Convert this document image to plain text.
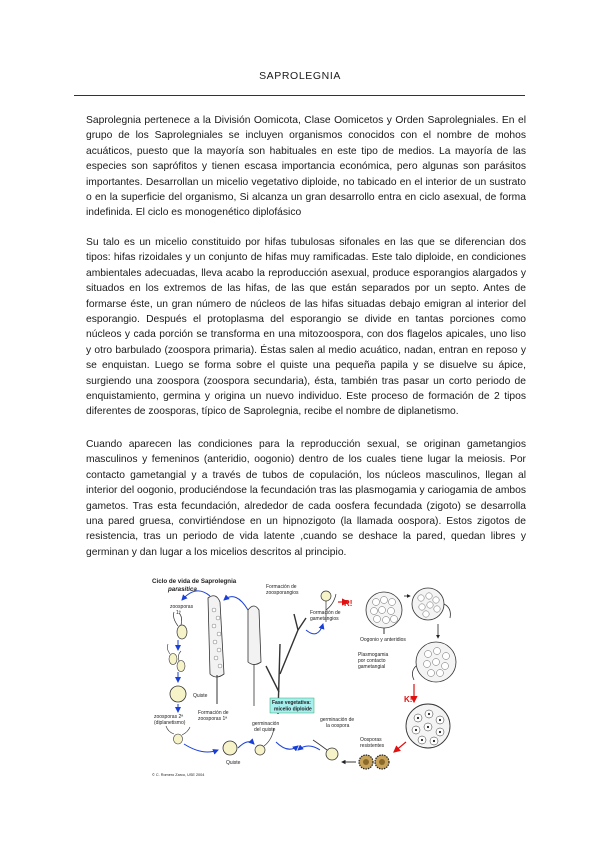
SAPROLEGNIA

Saprolegnia pertenece a la División Oomicota, Clase Oomicetos y Orden Saprolegniales. En el grupo de los Saprolegniales se incluyen organismos conocidos con el nombre de mohos acuáticos, puesto que la mayoría son habituales en este tipo de medios. La mayoría de las especies son saprófitos y tienen escasa importancia económica, pero algunas son parásitos importantes. Desarrollan un micelio vegetativo diploide, no tabicado en el interior de un sustrato o en la superficie del organismo, Si alcanza un gran desarrollo entra en ciclo asexual, de forma indefinida. El ciclo es monogenético diplofásico

Su talo es un micelio constituido por hifas tubulosas sifonales en las que se diferencian dos tipos: hifas rizoidales y un conjunto de hifas muy ramificadas. Este talo diploide, en condiciones ambientales adecuadas, lleva acabo la reproducción asexual, produce esporangios alargados y situados en los extremos de las hifas, de las que están separados por un septo. Antes de formarse éste, un gran número de núcleos de las hifas situadas debajo emigran al interior del esporangio. Después el protoplasma del esporangio se divide en tantas porciones como núcleos y cada porción se transforma en una mitozoospora, con dos flagelos apicales, uno liso y otro barbulado (zoospora primaria). Éstas salen al medio acuático, nadan, entran en reposo y se enquistan. Luego se forma sobre el quiste una pequeña papila y se disuelve su ápice, surgiendo una zoospora (zoospora secundaria), ésta, también tras pasar un corto periodo de enquistamiento, germina y origina un nuevo individuo. Este proceso de formación de 2 tipos diferentes de zoosporas, típico de Saprolegnia, recibe el nombre de diplanetismo.

Cuando aparecen las condiciones para la reproducción sexual, se originan gametangios masculinos y femeninos (anteridio, oogonio) dentro de los cuales tiene lugar la meiosis. Por contacto gametangial y a través de tubos de copulación, los núcleos masculinos, llegan al interior del oogonio, produciéndose la fecundación tras las plasmogamia y cariogamia de ambos gametos. Tras esta fecundación, alrededor de cada oosfera fecundada (zigoto) se desarrolla una pared gruesa, convirtiéndose en un hipnozigoto (la llamada oospora). Estos zigotos de resistencia, tras un periodo de vida latente ,cuando se deshace la pared, quedan libres y germinan y dan lugar a los micelios descritos al principio.

Ciclo de vida de Saprolegnia
parasitica
zoosporas
1ª
Quiste
zoosporas 2ª
(diplanetismo)
Quiste
germinación
del quiste
Formación de
zoosporas 1ª
Formación de
zoosporangios
Fase vegetativa:
micelio diploide
Formación de
gametangios
R!
Oogonio y anteridios
Plasmogamia
por contacto
gametangial
K!
Oosporas
resistentes
germinación de
la oospora
© C. Romero Zarco, USE 2004
